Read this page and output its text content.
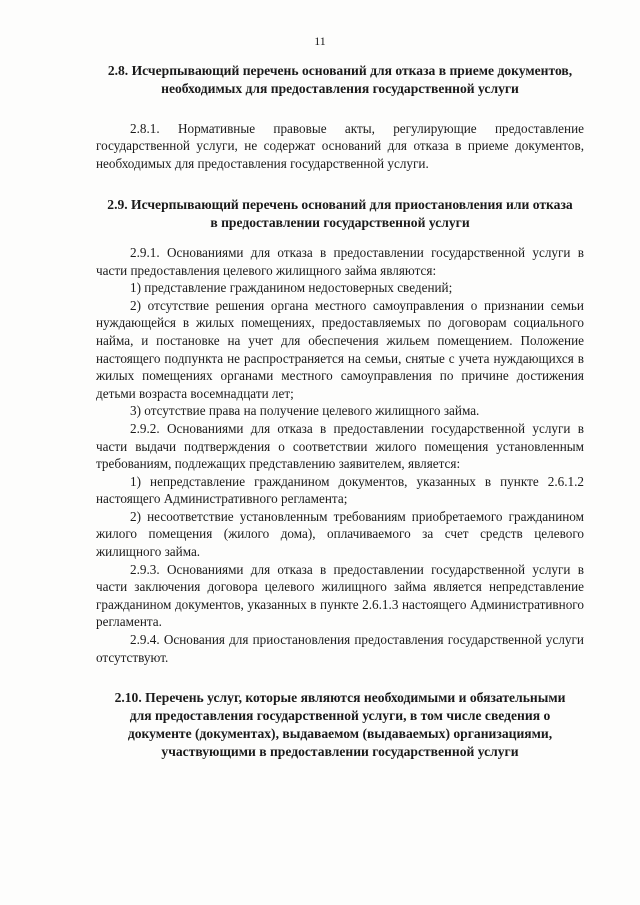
11

2.8. Исчерпывающий перечень оснований для отказа в приеме документов, необходимых для предоставления государственной услуги

2.8.1. Нормативные правовые акты, регулирующие предоставление государственной услуги, не содержат оснований для отказа в приеме документов, необходимых для предоставления государственной услуги.

2.9. Исчерпывающий перечень оснований для приостановления или отказа в предоставлении государственной услуги

2.9.1. Основаниями для отказа в предоставлении государственной услуги в части предоставления целевого жилищного займа являются:

1) представление гражданином недостоверных сведений;

2) отсутствие решения органа местного самоуправления о признании семьи нуждающейся в жилых помещениях, предоставляемых по договорам социального найма, и постановке на учет для обеспечения жильем помещением. Положение настоящего подпункта не распространяется на семьи, снятые с учета нуждающихся в жилых помещениях органами местного самоуправления по причине достижения детьми возраста восемнадцати лет;

3) отсутствие права на получение целевого жилищного займа.

2.9.2. Основаниями для отказа в предоставлении государственной услуги в части выдачи подтверждения о соответствии жилого помещения установленным требованиям, подлежащих представлению заявителем, является:

1) непредставление гражданином документов, указанных в пункте 2.6.1.2 настоящего Административного регламента;

2) несоответствие установленным требованиям приобретаемого гражданином жилого помещения (жилого дома), оплачиваемого за счет средств целевого жилищного займа.

2.9.3. Основаниями для отказа в предоставлении государственной услуги в части заключения договора целевого жилищного займа является непредставление гражданином документов, указанных в пункте 2.6.1.3 настоящего Административного регламента.

2.9.4. Основания для приостановления предоставления государственной услуги отсутствуют.

2.10. Перечень услуг, которые являются необходимыми и обязательными для предоставления государственной услуги, в том числе сведения о документе (документах), выдаваемом (выдаваемых) организациями, участвующими в предоставлении государственной услуги
